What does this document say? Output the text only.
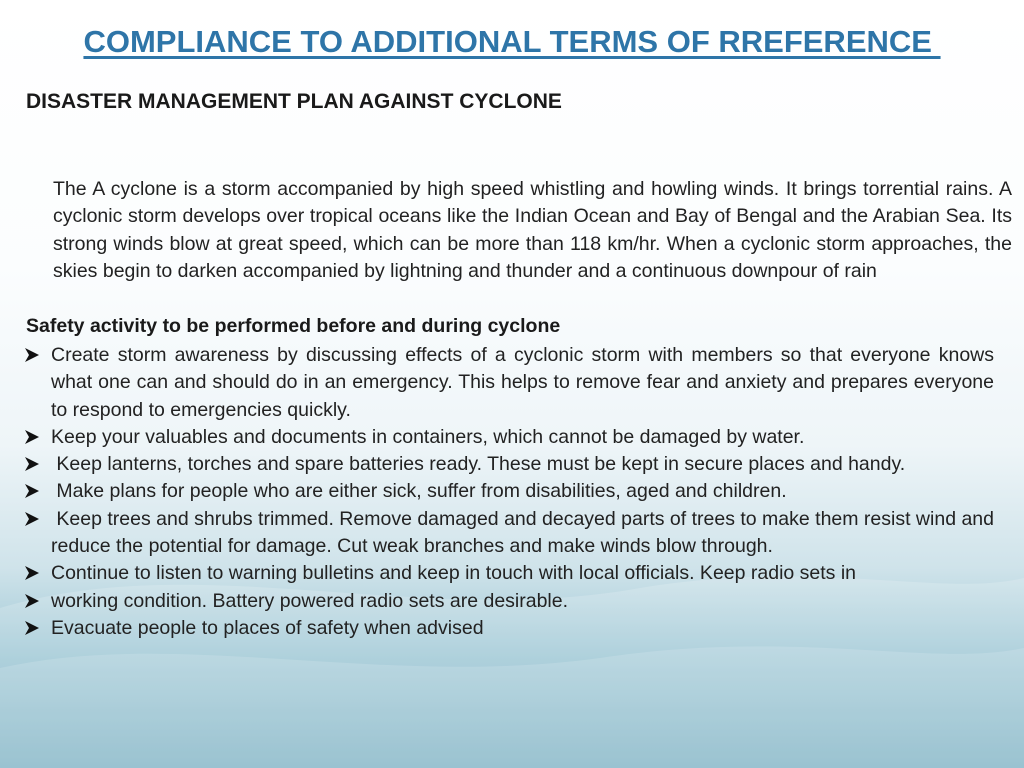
COMPLIANCE TO ADDITIONAL TERMS OF RREFERENCE
DISASTER MANAGEMENT PLAN AGAINST CYCLONE

The A cyclone is a storm accompanied by high speed whistling and howling winds. It brings torrential rains. A cyclonic storm develops over tropical oceans like the Indian Ocean and Bay of Bengal and the Arabian Sea. Its strong winds blow at great speed, which can be more than 118 km/hr. When a cyclonic storm approaches, the skies begin to darken accompanied by lightning and thunder and a continuous downpour of rain

Safety activity to be performed before and during cyclone
Create storm awareness by discussing effects of a cyclonic storm with members so that everyone knows what one can and should do in an emergency. This helps to remove fear and anxiety and prepares everyone to respond to emergencies quickly.
Keep your valuables and documents in containers, which cannot be damaged by water.
Keep lanterns, torches and spare batteries ready. These must be kept in secure places and handy.
Make plans for people who are either sick, suffer from disabilities, aged and children.
Keep trees and shrubs trimmed. Remove damaged and decayed parts of trees to make them resist wind and reduce the potential for damage. Cut weak branches and make winds blow through.
Continue to listen to warning bulletins and keep in touch with local officials. Keep radio sets in
working condition. Battery powered radio sets are desirable.
Evacuate people to places of safety when advised
